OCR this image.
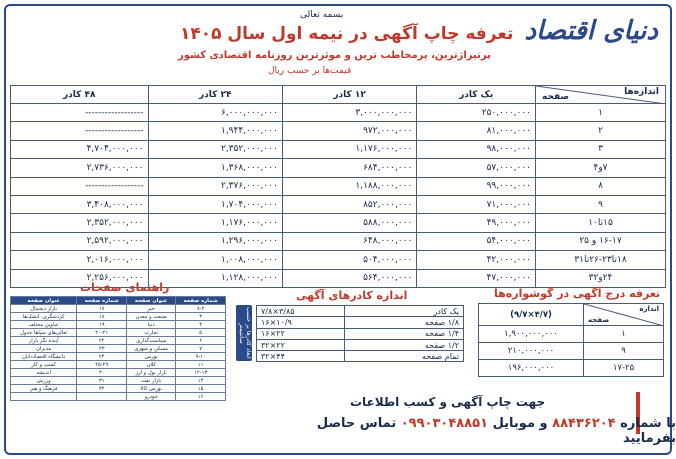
دنیای اقتصاد
بسمه تعالی
تعرفه چاپ آگهی در نیمه اول سال ۱۴۰۵
پرتیراژترین، پرمخاطب ترین و موثرترین روزنامه اقتصادی کشور
قیمت‌ها بر حسب ریال
اندازه‌ها
صفحه	یک کادر	۱۲ کادر	۲۴ کادر	۴۸ کادر
۱	۲۵۰,۰۰۰,۰۰۰	۳,۰۰۰,۰۰۰,۰۰۰	۶,۰۰۰,۰۰۰,۰۰۰	------------------
۲	۸۱,۰۰۰,۰۰۰	۹۷۲,۰۰۰,۰۰۰	۱,۹۴۴,۰۰۰,۰۰۰	------------------
۳	۹۸,۰۰۰,۰۰۰	۱,۱۷۶,۰۰۰,۰۰۰	۲,۳۵۲,۰۰۰,۰۰۰	۴,۷۰۴,۰۰۰,۰۰۰
۷و۴	۵۷,۰۰۰,۰۰۰	۶۸۴,۰۰۰,۰۰۰	۱,۳۶۸,۰۰۰,۰۰۰	۲,۷۳۶,۰۰۰,۰۰۰
۸	۹۹,۰۰۰,۰۰۰	۱,۱۸۸,۰۰۰,۰۰۰	۲,۳۷۶,۰۰۰,۰۰۰	------------------
۹	۷۱,۰۰۰,۰۰۰	۸۵۲,۰۰۰,۰۰۰	۱,۷۰۴,۰۰۰,۰۰۰	۳,۴۰۸,۰۰۰,۰۰۰
۱۵تا۱۰	۴۹,۰۰۰,۰۰۰	۵۸۸,۰۰۰,۰۰۰	۱,۱۷۶,۰۰۰,۰۰۰	۲,۳۵۲,۰۰۰,۰۰۰
۱۶-۱۷ و ۲۵	۵۴,۰۰۰,۰۰۰	۶۴۸,۰۰۰,۰۰۰	۱,۲۹۶,۰۰۰,۰۰۰	۲,۵۹۲,۰۰۰,۰۰۰
۱۸تا۲۳-۲۶تا۳۱	۴۲,۰۰۰,۰۰۰	۵۰۴,۰۰۰,۰۰۰	۱,۰۰۸,۰۰۰,۰۰۰	۲,۰۱۶,۰۰۰,۰۰۰
۲۴و۳۲	۴۷,۰۰۰,۰۰۰	۵۶۴,۰۰۰,۰۰۰	۱,۱۲۸,۰۰۰,۰۰۰	۲,۲۵۶,۰۰۰,۰۰۰
راهنمای صفحات
شماره صفحه	عنوان صفحه	شماره صفحه	عنوان صفحه
۸-۲	خبر	۱۷	بازار دیجیتال
۳	صنعت و معدن	۱۸	کردشگری، انشک‌ها
۴	دنیا	۱۹	عناوین مختلف
۵	تجارت	۲۰-۲۱	تعالی‌های سپاها جدول
۶	سیاست‌گذاری	۲۲	آینده نگر بازار
۷	مسکن و شهری	۲۳	مدیران
۹-۱۰	بورس	۲۴	دانشگاه اقتصاددانان
۱۱	کلان	۲۵-۲۹	کسب و کار
۱۲-۱۳	بازار پول و ارز	۳۰	اندیشه
۱۴	بازار نفت	۳۱	ورزش
۱۵	بورس کالا	۳۲	فرهنگ و هنر
۱۶	خودرو		
اندازه کادرهای آگهی
ابعاد کادرها بر حسب سانتیمتر
یک کادر	۳/۸۵×۷/۸
۱/۸ صفحه	۱۰/۹×۱۶
۱/۴ صفحه	۲۲×۱۶
۱/۲ صفحه	۲۲×۳۲
تمام صفحه	۴۴×۳۲
تعرفه درج آگهی در گوشواره‌ها
اندازه
صفحه	(۴/۷×۹/۷)
۱	۱,۹۰۰,۰۰۰,۰۰۰
۹	۲۱۰,۰۰۰,۰۰۰
۱۷-۲۵	۱۹۶,۰۰۰,۰۰۰
جهت چاپ آگهی و کسب اطلاعات
با شماره ۸۸۴۳۶۲۰۴ و موبایل ۰۹۹۰۳۰۴۸۸۵۱ تماس حاصل بفرمایید
